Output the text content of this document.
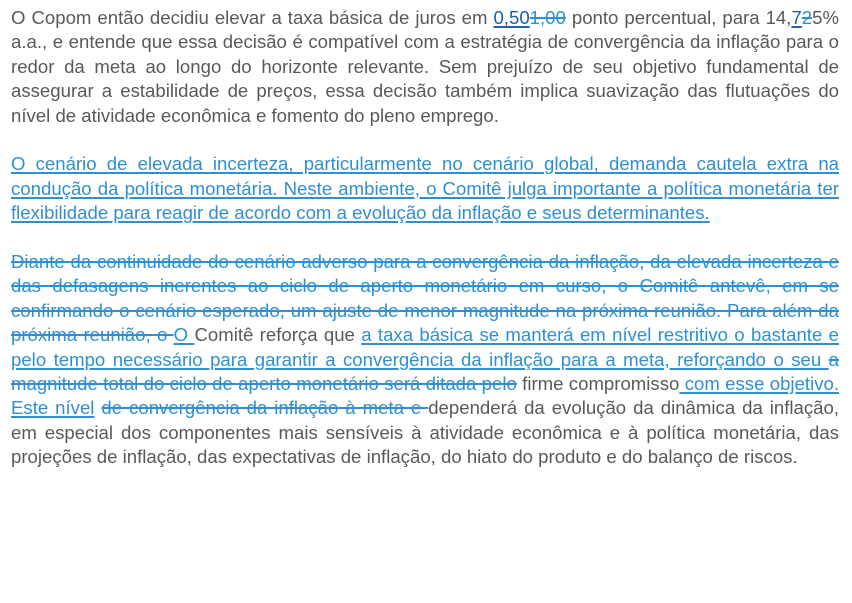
O Copom então decidiu elevar a taxa básica de juros em 0,501,00 ponto percentual, para 14,725% a.a., e entende que essa decisão é compatível com a estratégia de convergência da inflação para o redor da meta ao longo do horizonte relevante. Sem prejuízo de seu objetivo fundamental de assegurar a estabilidade de preços, essa decisão também implica suavização das flutuações do nível de atividade econômica e fomento do pleno emprego.

O cenário de elevada incerteza, particularmente no cenário global, demanda cautela extra na condução da política monetária. Neste ambiente, o Comitê julga importante a política monetária ter flexibilidade para reagir de acordo com a evolução da inflação e seus determinantes.

Diante da continuidade do cenário adverso para a convergência da inflação, da elevada incerteza e das defasagens inerentes ao ciclo de aperto monetário em curso, o Comitê antevê, em se confirmando o cenário esperado, um ajuste de menor magnitude na próxima reunião. Para além da próxima reunião, o O Comitê reforça que a taxa básica se manterá em nível restritivo o bastante e pelo tempo necessário para garantir a convergência da inflação para a meta, reforçando o seu a magnitude total do ciclo de aperto monetário será ditada pelo firme compromisso com esse objetivo. Este nível de convergência da inflação à meta e dependerá da evolução da dinâmica da inflação, em especial dos componentes mais sensíveis à atividade econômica e à política monetária, das projeções de inflação, das expectativas de inflação, do hiato do produto e do balanço de riscos.
